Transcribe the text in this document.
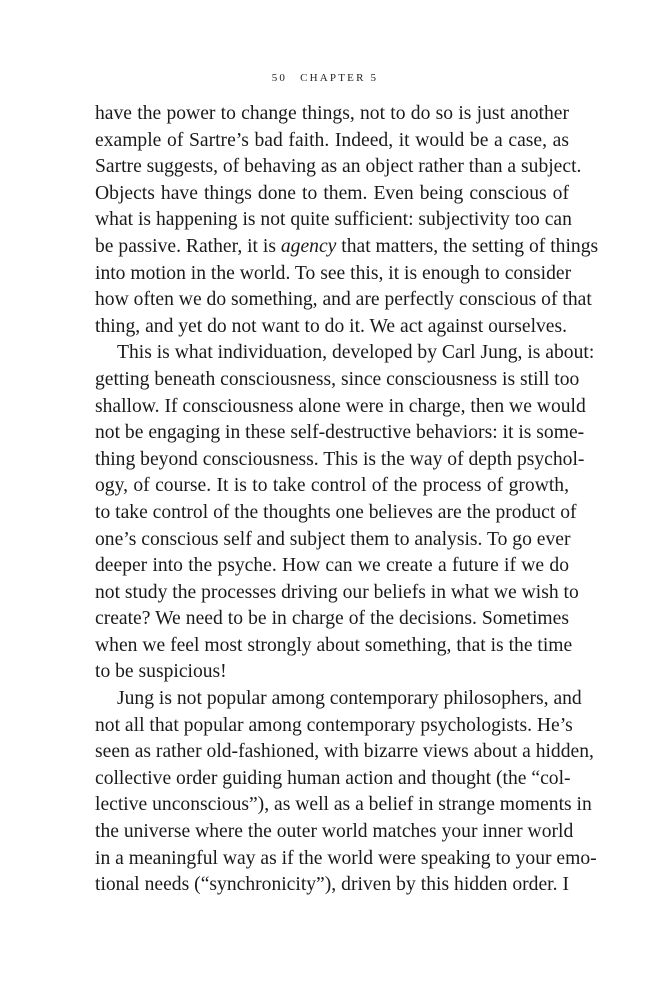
50 CHAPTER 5
have the power to change things, not to do so is just another
example of Sartre’s bad faith. Indeed, it would be a case, as
Sartre suggests, of behaving as an object rather than a subject.
Objects have things done to them. Even being conscious of
what is happening is not quite sufficient: subjectivity too can
be passive. Rather, it is agency that matters, the setting of things
into motion in the world. To see this, it is enough to consider
how often we do something, and are perfectly conscious of that
thing, and yet do not want to do it. We act against ourselves.
This is what individuation, developed by Carl Jung, is about:
getting beneath consciousness, since consciousness is still too
shallow. If consciousness alone were in charge, then we would
not be engaging in these self-destructive behaviors: it is some-
thing beyond consciousness. This is the way of depth psychol-
ogy, of course. It is to take control of the process of growth,
to take control of the thoughts one believes are the product of
one’s conscious self and subject them to analysis. To go ever
deeper into the psyche. How can we create a future if we do
not study the processes driving our beliefs in what we wish to
create? We need to be in charge of the decisions. Sometimes
when we feel most strongly about something, that is the time
to be suspicious!
Jung is not popular among contemporary philosophers, and
not all that popular among contemporary psychologists. He’s
seen as rather old-fashioned, with bizarre views about a hidden,
collective order guiding human action and thought (the “col-
lective unconscious”), as well as a belief in strange moments in
the universe where the outer world matches your inner world
in a meaningful way as if the world were speaking to your emo-
tional needs (“synchronicity”), driven by this hidden order. I
